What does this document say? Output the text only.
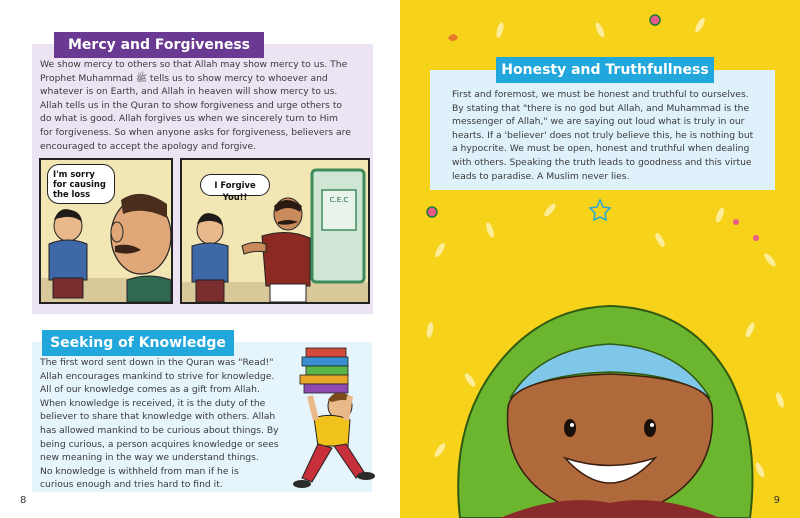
Mercy and Forgiveness
We show mercy to others so that Allah may show mercy to us. The
Prophet Muhammad ﷺ tells us to show mercy to whoever and
whatever is on Earth, and Allah in heaven will show mercy to us.
Allah tells us in the Quran to show forgiveness and urge others to
do what is good. Allah forgives us when we sincerely turn to Him
for forgiveness. So when anyone asks for forgiveness, believers are
encouraged to accept the apology and forgive.
I'm sorry
for causing
the loss
C.E.C
I Forgive You!!
Seeking of Knowledge
The first word sent down in the Quran was "Read!"
Allah encourages mankind to strive for knowledge.
All of our knowledge comes as a gift from Allah.
When knowledge is received, it is the duty of the
believer to share that knowledge with others. Allah
has allowed mankind to be curious about things. By
being curious, a person acquires knowledge or sees
new meaning in the way we understand things.
No knowledge is withheld from man if he is
curious enough and tries hard to find it.
8
Honesty and Truthfullness
First and foremost, we must be honest and truthful to ourselves.
By stating that "there is no god but Allah, and Muhammad is the
messenger of Allah," we are saying out loud what is truly in our
hearts. If a 'believer' does not truly believe this, he is nothing but
a hypocrite. We must be open, honest and truthful when dealing
with others. Speaking the truth leads to goodness and this virtue
leads to paradise. A Muslim never lies.
9
